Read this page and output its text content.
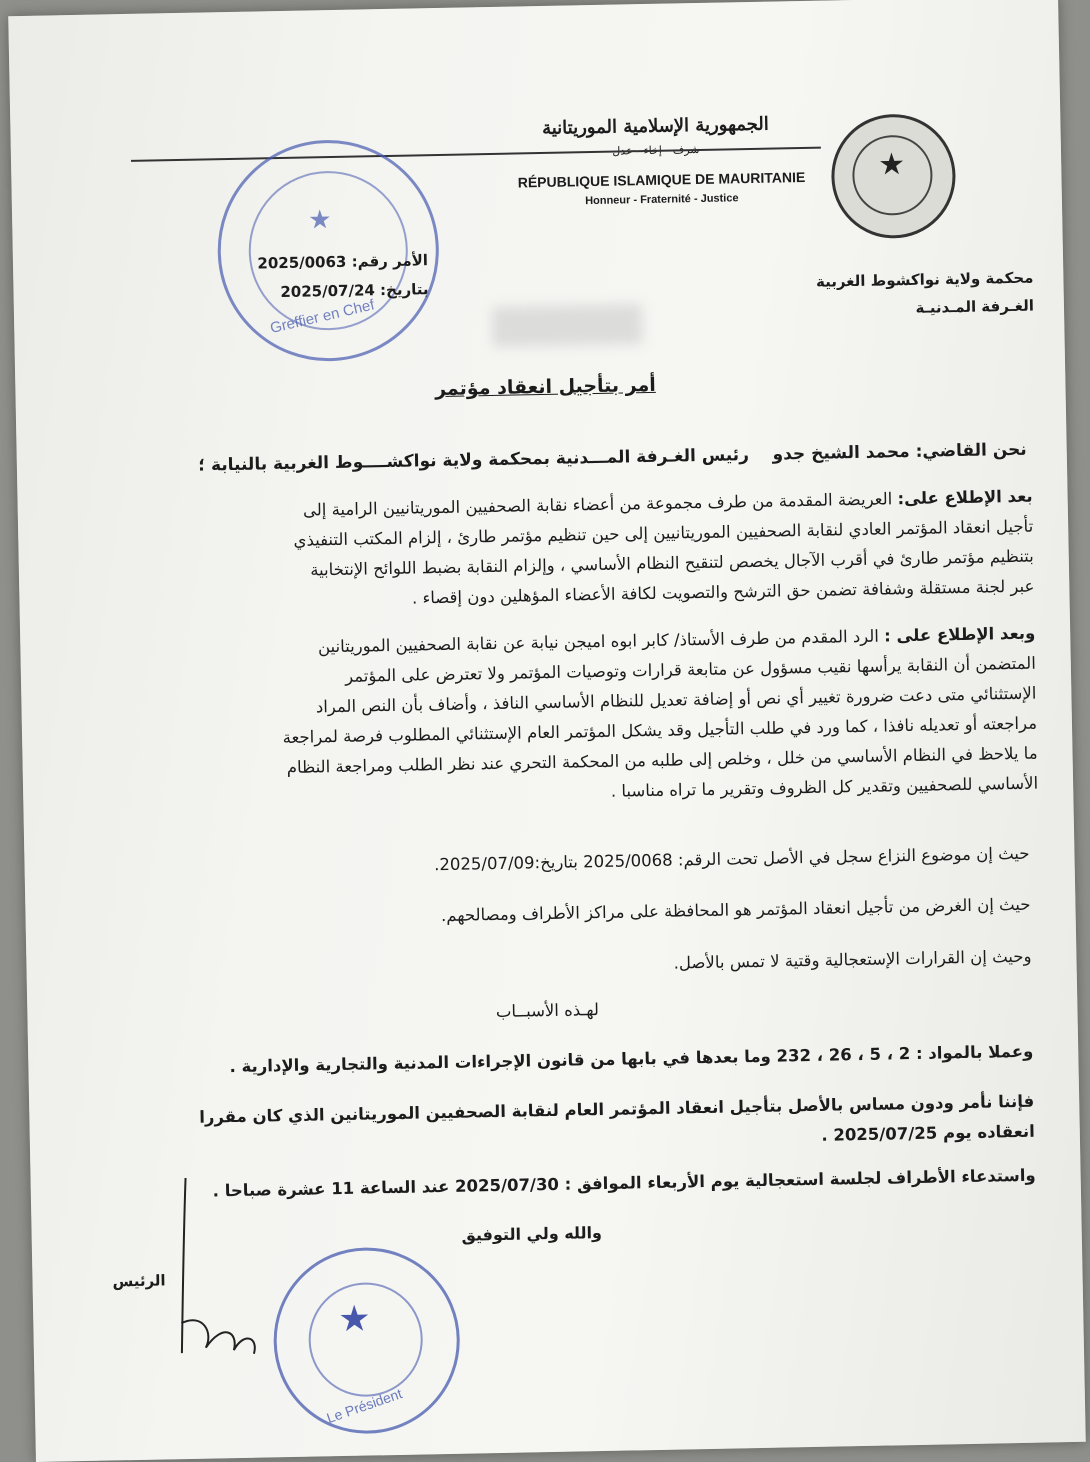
★
الجمهورية الإسلامية الموريتانية
شرف - إخاء - عدل
RÉPUBLIQUE ISLAMIQUE DE MAURITANIE
Honneur - Fraternité - Justice
★
Greffier en Chef
الأمر رقم: 2025/0063
بتاريخ: 2025/07/24
محكمة ولاية نواكشوط الغربية
الغـرفة المـدنيـة
أمر بتأجيل انعقاد مؤتمر
نحن القاضي: محمد الشيخ جدو    رئيس الغـرفة المـــدنية بمحكمة ولاية نواكشــــوط الغربية بالنيابة ؛
بعد الإطلاع على: العريضة المقدمة من طرف مجموعة من أعضاء نقابة الصحفيين الموريتانيين الرامية إلى
تأجيل انعقاد المؤتمر العادي لنقابة الصحفيين الموريتانيين إلى حين تنظيم مؤتمر طارئ ، إلزام المكتب التنفيذي
بتنظيم مؤتمر طارئ في أقرب الآجال يخصص لتنقيح النظام الأساسي ، وإلزام النقابة بضبط اللوائح الإنتخابية
عبر لجنة مستقلة وشفافة تضمن حق الترشح والتصويت لكافة الأعضاء المؤهلين دون إقصاء .
وبعد الإطلاع على : الرد المقدم من طرف الأستاذ/ كابر ابوه اميجن نيابة عن نقابة الصحفيين الموريتانين
المتضمن أن النقابة يرأسها نقيب مسؤول عن متابعة قرارات وتوصيات المؤتمر ولا تعترض على المؤتمر
الإستثنائي متى دعت ضرورة تغيير أي نص أو إضافة تعديل للنظام الأساسي النافذ ، وأضاف بأن النص المراد
مراجعته أو تعديله نافذا ، كما ورد في طلب التأجيل وقد يشكل المؤتمر العام الإستثنائي المطلوب فرصة لمراجعة
ما يلاحظ في النظام الأساسي من خلل ، وخلص إلى طلبه من المحكمة التحري عند نظر الطلب ومراجعة النظام
الأساسي للصحفيين وتقدير كل الظروف وتقرير ما تراه مناسبا .
حيث إن موضوع النزاع سجل في الأصل تحت الرقم: 2025/0068 بتاريخ:2025/07/09.
حيث إن الغرض من تأجيل انعقاد المؤتمر هو المحافظة على مراكز الأطراف ومصالحهم.
وحيث إن القرارات الإستعجالية وقتية لا تمس بالأصل.
لهـذه الأسبــاب
وعملا بالمواد : 2 ، 5 ، 26 ، 232 وما بعدها في بابها من قانون الإجراءات المدنية والتجارية والإدارية .
فإننا نأمر ودون مساس بالأصل بتأجيل انعقاد المؤتمر العام لنقابة الصحفيين الموريتانين الذي كان مقررا
انعقاده يوم 2025/07/25 .
واستدعاء الأطراف لجلسة استعجالية يوم الأربعاء الموافق : 2025/07/30 عند الساعة 11 عشرة صباحا .
والله ولي التوفيق
الرئيس
★
Le Président
